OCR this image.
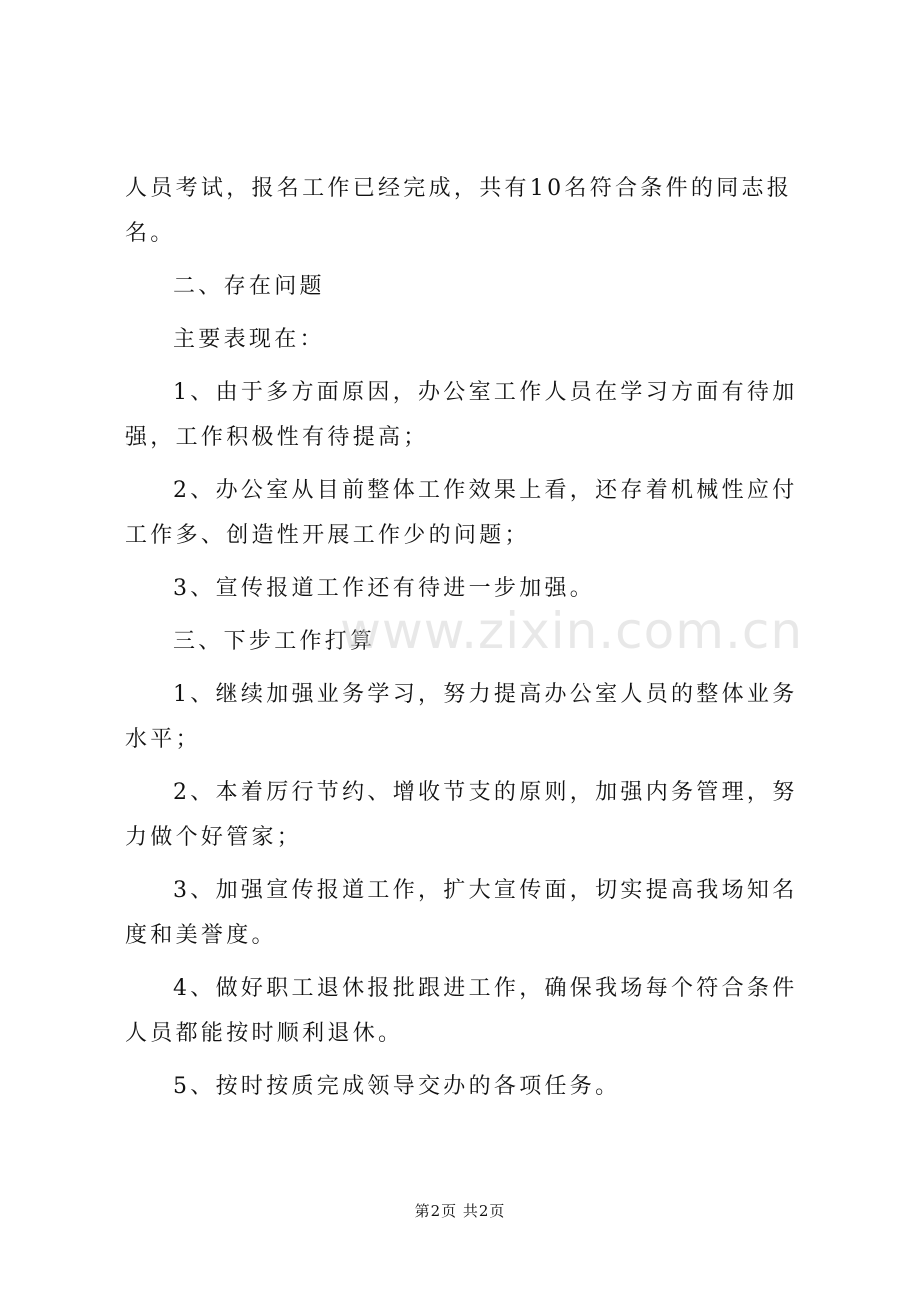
人员考试，报名工作已经完成，共有10名符合条件的同志报名。

二、存在问题

主要表现在：

1、由于多方面原因，办公室工作人员在学习方面有待加强，工作积极性有待提高；

2、办公室从目前整体工作效果上看，还存着机械性应付工作多、创造性开展工作少的问题；

3、宣传报道工作还有待进一步加强。

三、下步工作打算

1、继续加强业务学习，努力提高办公室人员的整体业务水平；

2、本着厉行节约、增收节支的原则，加强内务管理，努力做个好管家；

3、加强宣传报道工作，扩大宣传面，切实提高我场知名度和美誉度。

4、做好职工退休报批跟进工作，确保我场每个符合条件人员都能按时顺利退休。

5、按时按质完成领导交办的各项任务。

www.zixin.com.cn
第2页 共2页
